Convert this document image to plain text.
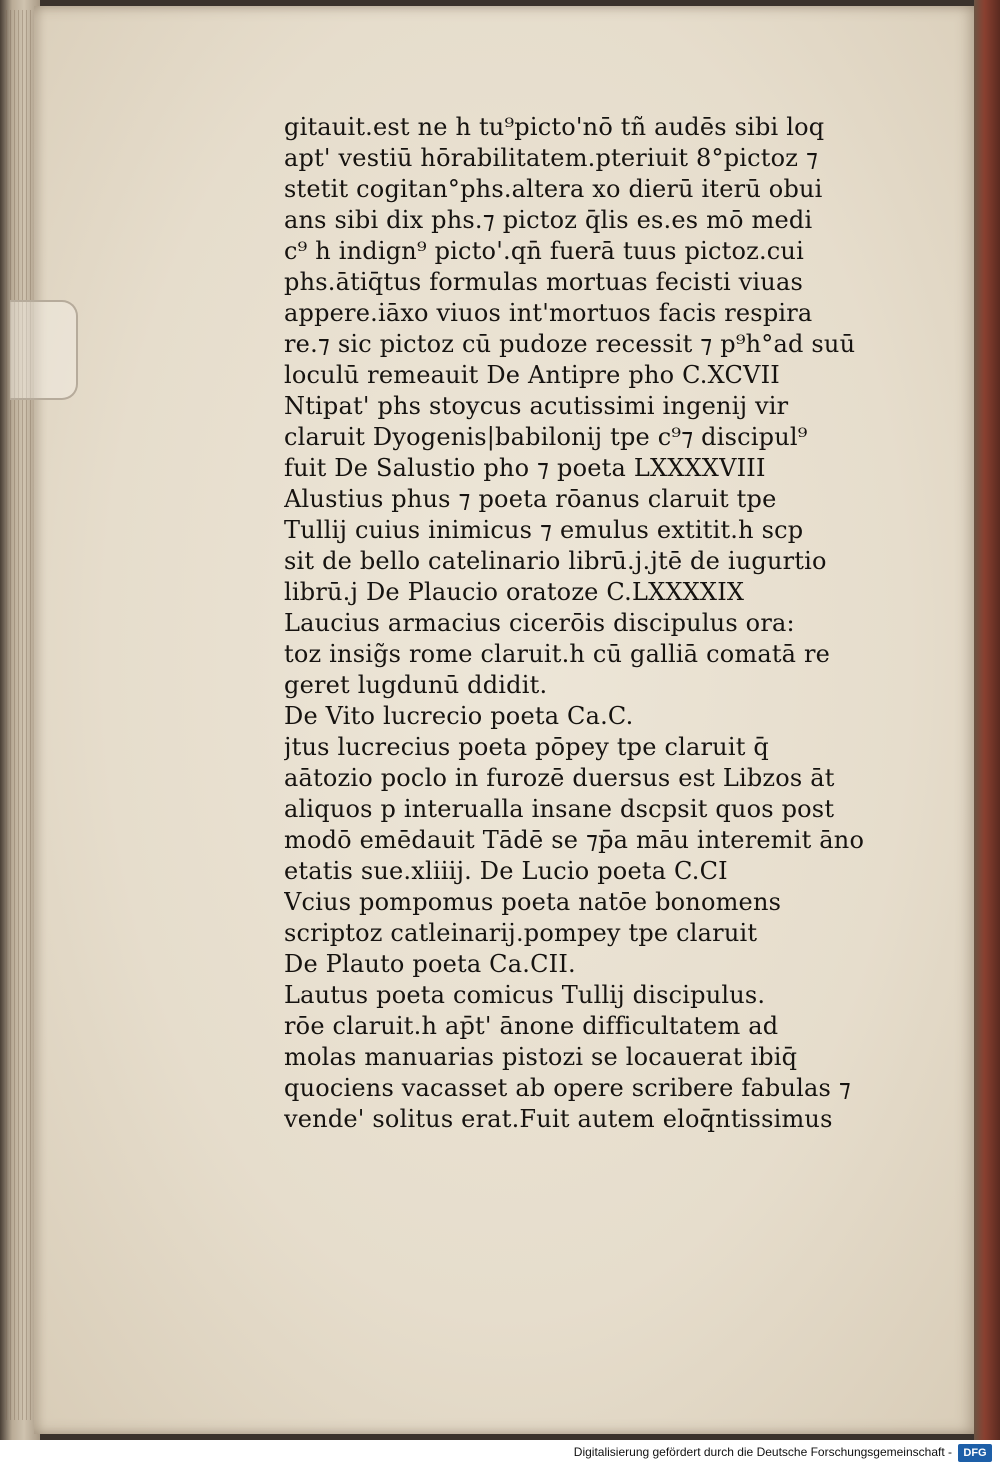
gitauit.est ne h tu⁹picto'nō tñ audēs sibi loq
apt' vestiū hōrabilitatem.pteriuit 8°pictoz ⁊
stetit cogitan°phs.altera xo dierū iterū obui
ans sibi dix phs.⁊ pictoz q̄lis es.es mō medi
c⁹ h indign⁹ picto'.qn̄ fuerā tuus pictoz.cui
phs.ātiq̄tus formulas mortuas fecisti viuas
appere.iāxo viuos int'mortuos facis respira
re.⁊ sic pictoz cū pudoze recessit ⁊ p⁹h°ad suū
loculū remeauit De Antipre pho C.XCVII
Ntipat' phs stoycus acutissimi ingenij vir
claruit Dyogenis|babilonij tpe c⁹⁊ discipul⁹
fuit De Salustio pho ⁊ poeta LXXXXVIII
Alustius phus ⁊ poeta rōanus claruit tpe
Tullij cuius inimicus ⁊ emulus extitit.h scp
sit de bello catelinario librū.j.jtē de iugurtio
librū.j De Plaucio oratoze C.LXXXXIX
Laucius armacius cicerōis discipulus ora:
toz insig̃s rome claruit.h cū galliā comatā re
geret lugdunū ddidit.
De Vito lucrecio poeta Ca.C.
jtus lucrecius poeta pōpey tpe claruit q̄
aātozio poclo in furozē duersus est Libzos āt
aliquos p interualla insane dscpsit quos post
modō emēdauit Tādē se ⁊p̄a māu interemit āno
etatis sue.xliiij. De Lucio poeta C.CI
Vcius pompomus poeta natōe bonomens
scriptoz catleinarij.pompey tpe claruit
De Plauto poeta Ca.CII.
Lautus poeta comicus Tullij discipulus.
rōe claruit.h ap̄t' ānone difficultatem ad
molas manuarias pistozi se locauerat ibiq̄
quociens vacasset ab opere scribere fabulas ⁊
vende' solitus erat.Fuit autem eloq̄ntissimus
Digitalisierung gefördert durch die Deutsche Forschungsgemeinschaft -	DFG
